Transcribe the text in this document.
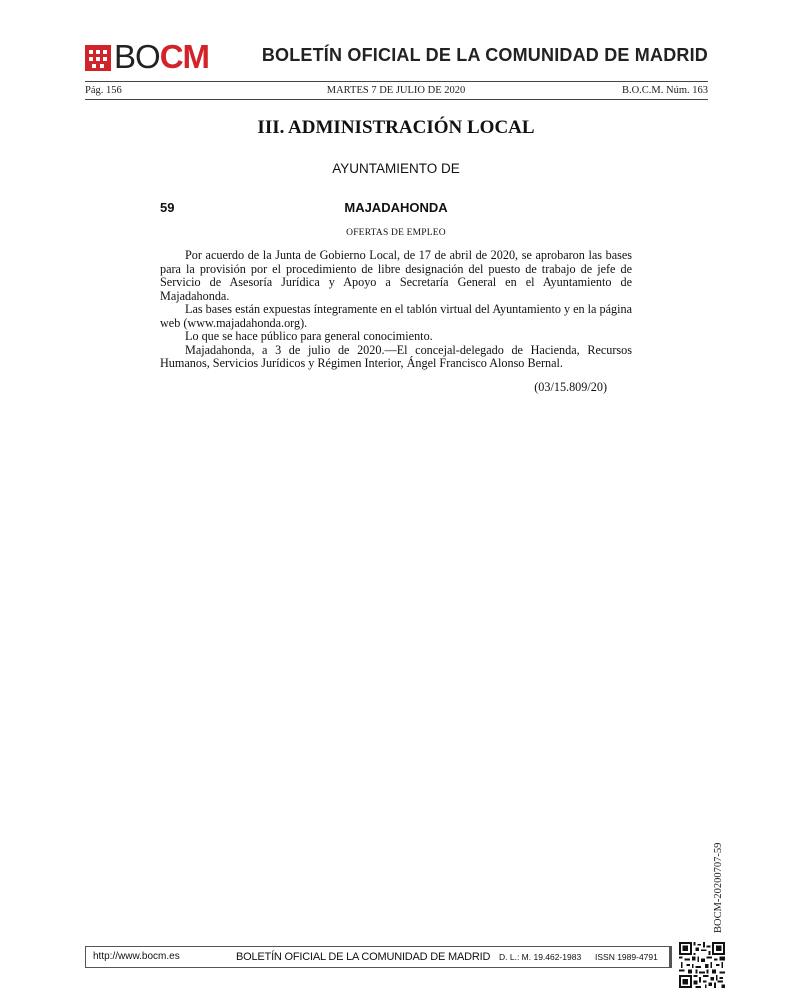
BOCM	BOLETÍN OFICIAL DE LA COMUNIDAD DE MADRID
Pág. 156	MARTES 7 DE JULIO DE 2020	B.O.C.M. Núm. 163
III. ADMINISTRACIÓN LOCAL
AYUNTAMIENTO DE
59	MAJADAHONDA
OFERTAS DE EMPLEO

Por acuerdo de la Junta de Gobierno Local, de 17 de abril de 2020, se aprobaron las bases para la provisión por el procedimiento de libre designación del puesto de trabajo de jefe de Servicio de Asesoría Jurídica y Apoyo a Secretaría General en el Ayuntamiento de Majadahonda.

Las bases están expuestas íntegramente en el tablón virtual del Ayuntamiento y en la página web (www.majadahonda.org).

Lo que se hace público para general conocimiento.

Majadahonda, a 3 de julio de 2020.—El concejal-delegado de Hacienda, Recursos Humanos, Servicios Jurídicos y Régimen Interior, Ángel Francisco Alonso Bernal.

(03/15.809/20)
BOCM-20200707-59
http://www.bocm.es	BOLETÍN OFICIAL DE LA COMUNIDAD DE MADRID D. L.: M. 19.462-1983 ISSN 1989-4791
